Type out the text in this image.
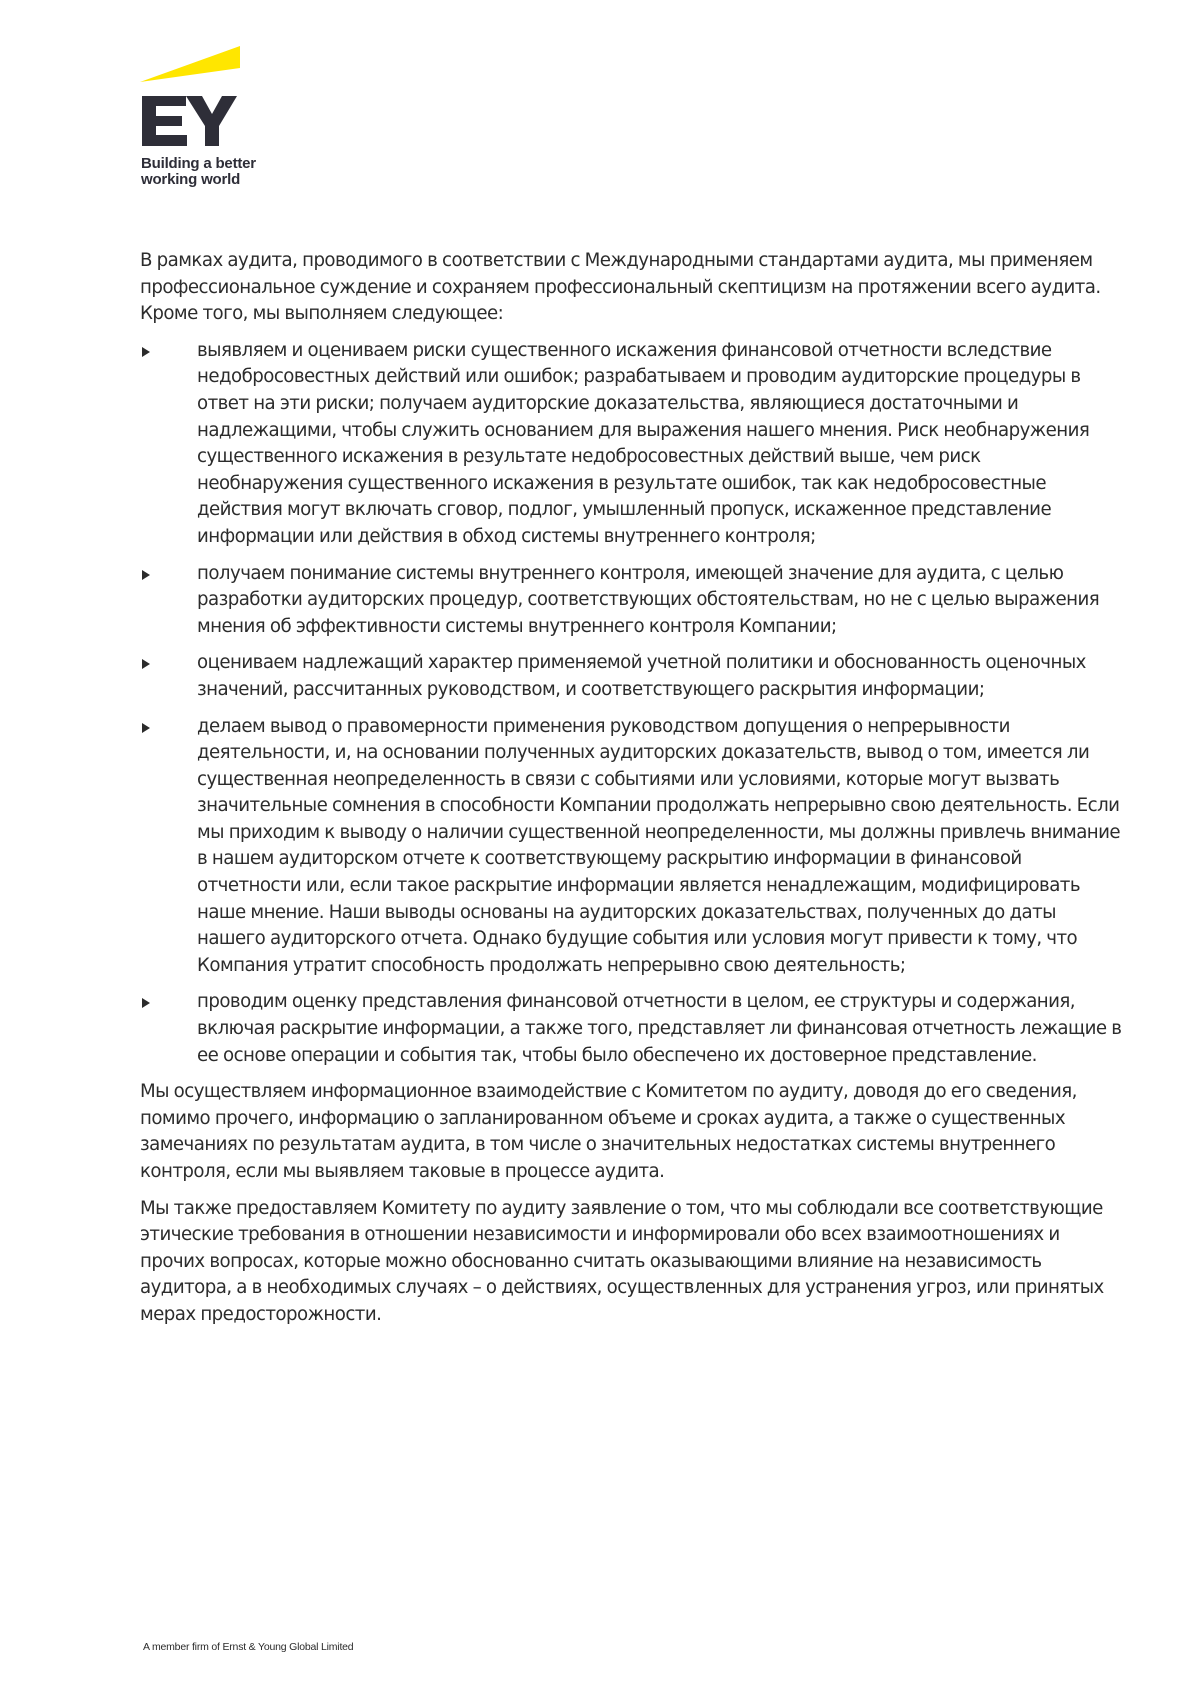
Building a better
working world

В рамках аудита, проводимого в соответствии с Международными стандартами аудита, мы применяем профессиональное суждение и сохраняем профессиональный скептицизм на протяжении всего аудита. Кроме того, мы выполняем следующее:

выявляем и оцениваем риски существенного искажения финансовой отчетности вследствие недобросовестных действий или ошибок; разрабатываем и проводим аудиторские процедуры в ответ на эти риски; получаем аудиторские доказательства, являющиеся достаточными и надлежащими, чтобы служить основанием для выражения нашего мнения. Риск необнаружения существенного искажения в результате недобросовестных действий выше, чем риск необнаружения существенного искажения в результате ошибок, так как недобросовестные действия могут включать сговор, подлог, умышленный пропуск, искаженное представление информации или действия в обход системы внутреннего контроля;
получаем понимание системы внутреннего контроля, имеющей значение для аудита, с целью разработки аудиторских процедур, соответствующих обстоятельствам, но не с целью выражения мнения об эффективности системы внутреннего контроля Компании;
оцениваем надлежащий характер применяемой учетной политики и обоснованность оценочных значений, рассчитанных руководством, и соответствующего раскрытия информации;
делаем вывод о правомерности применения руководством допущения о непрерывности деятельности, и, на основании полученных аудиторских доказательств, вывод о том, имеется ли существенная неопределенность в связи с событиями или условиями, которые могут вызвать значительные сомнения в способности Компании продолжать непрерывно свою деятельность. Если мы приходим к выводу о наличии существенной неопределенности, мы должны привлечь внимание в нашем аудиторском отчете к соответствующему раскрытию информации в финансовой отчетности или, если такое раскрытие информации является ненадлежащим, модифицировать наше мнение. Наши выводы основаны на аудиторских доказательствах, полученных до даты нашего аудиторского отчета. Однако будущие события или условия могут привести к тому, что Компания утратит способность продолжать непрерывно свою деятельность;
проводим оценку представления финансовой отчетности в целом, ее структуры и содержания, включая раскрытие информации, а также того, представляет ли финансовая отчетность лежащие в ее основе операции и события так, чтобы было обеспечено их достоверное представление.

Мы осуществляем информационное взаимодействие с Комитетом по аудиту, доводя до его сведения, помимо прочего, информацию о запланированном объеме и сроках аудита, а также о существенных замечаниях по результатам аудита, в том числе о значительных недостатках системы внутреннего контроля, если мы выявляем таковые в процессе аудита.

Мы также предоставляем Комитету по аудиту заявление о том, что мы соблюдали все соответствующие этические требования в отношении независимости и информировали обо всех взаимоотношениях и прочих вопросах, которые можно обоснованно считать оказывающими влияние на независимость аудитора, а в необходимых случаях – о действиях, осуществленных для устранения угроз, или принятых мерах предосторожности.

A member firm of Ernst & Young Global Limited
